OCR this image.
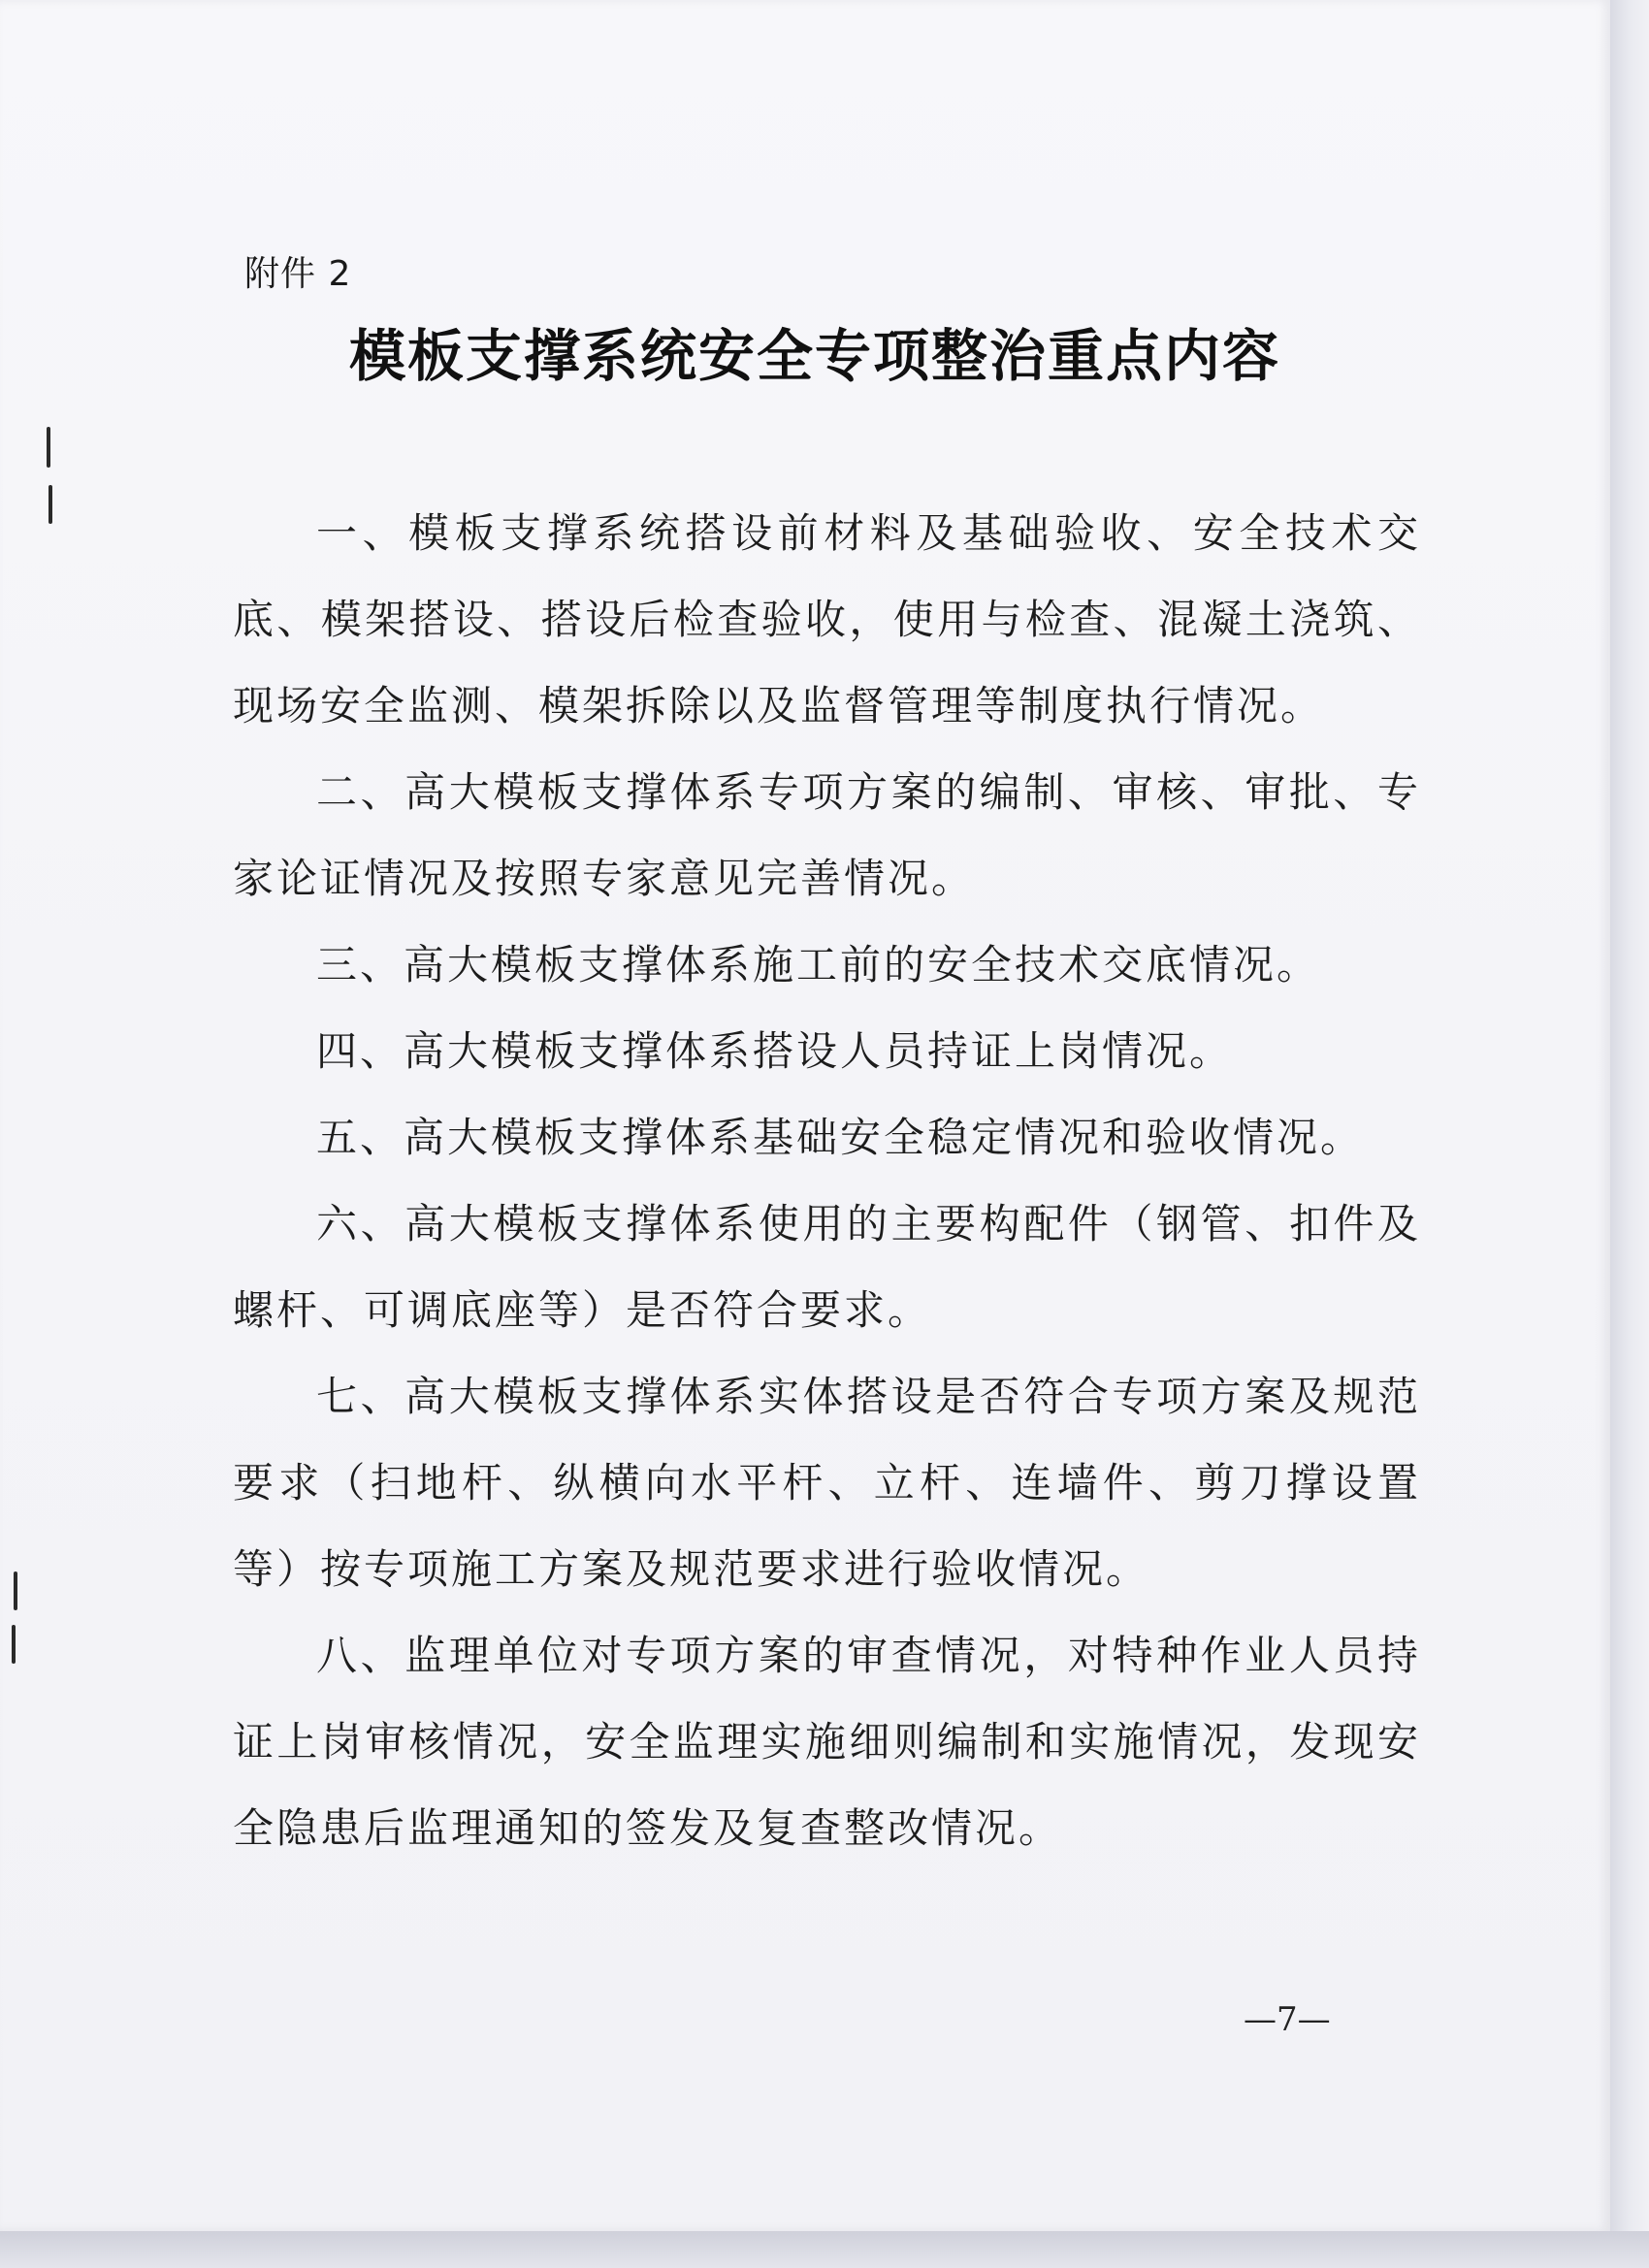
附件 2
模板支撑系统安全专项整治重点内容

一、模板支撑系统搭设前材料及基础验收、安全技术交底、模架搭设、搭设后检查验收，使用与检查、混凝土浇筑、现场安全监测、模架拆除以及监督管理等制度执行情况。

二、高大模板支撑体系专项方案的编制、审核、审批、专家论证情况及按照专家意见完善情况。

三、高大模板支撑体系施工前的安全技术交底情况。

四、高大模板支撑体系搭设人员持证上岗情况。

五、高大模板支撑体系基础安全稳定情况和验收情况。

六、高大模板支撑体系使用的主要构配件（钢管、扣件及螺杆、可调底座等）是否符合要求。

七、高大模板支撑体系实体搭设是否符合专项方案及规范要求（扫地杆、纵横向水平杆、立杆、连墙件、剪刀撑设置等）按专项施工方案及规范要求进行验收情况。

八、监理单位对专项方案的审查情况，对特种作业人员持证上岗审核情况，安全监理实施细则编制和实施情况，发现安全隐患后监理通知的签发及复查整改情况。

—7—
